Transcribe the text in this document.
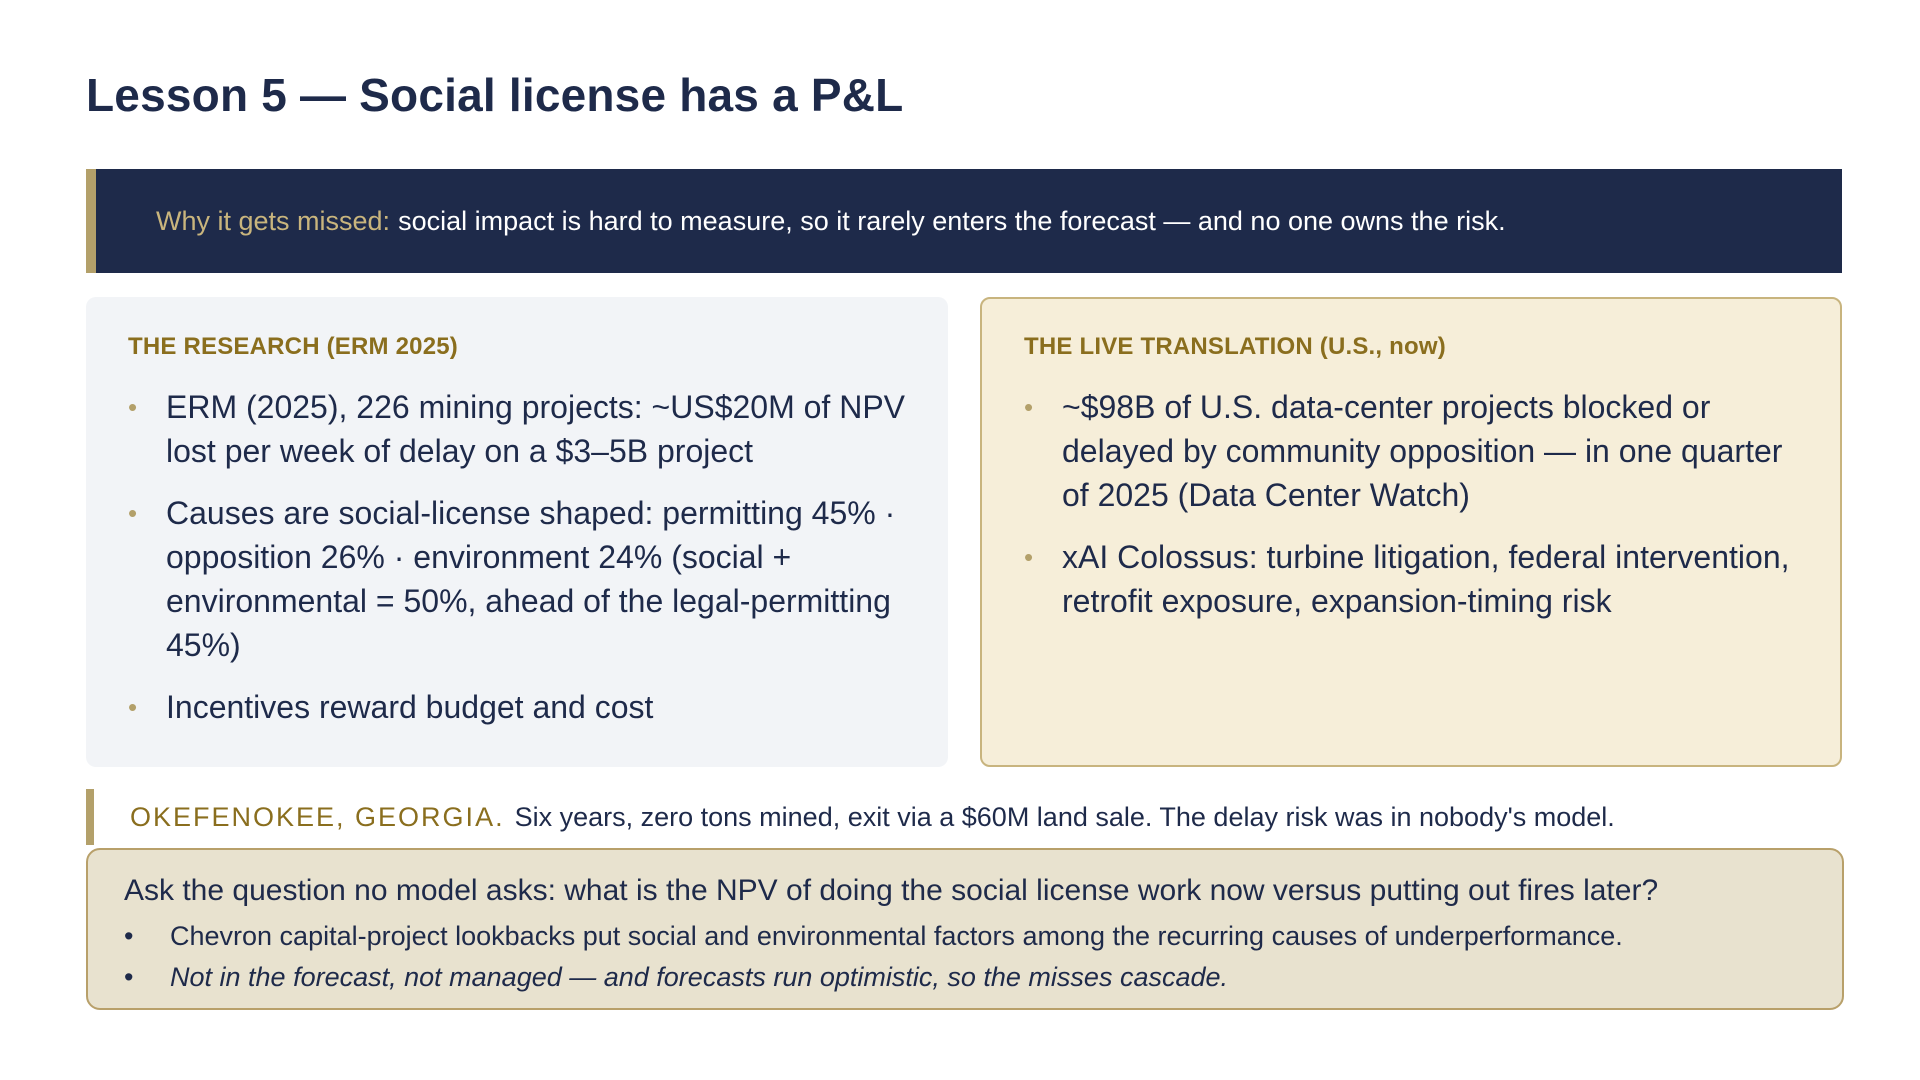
Lesson 5 — Social license has a P&L
Why it gets missed: social impact is hard to measure, so it rarely enters the forecast — and no one owns the risk.
THE RESEARCH (ERM 2025)
• ERM (2025), 226 mining projects: ~US$20M of NPV lost per week of delay on a $3–5B project
• Causes are social-license shaped: permitting 45% · opposition 26% · environment 24% (social + environmental = 50%, ahead of the legal-permitting 45%)
• Incentives reward budget and cost
THE LIVE TRANSLATION (U.S., now)
• ~$98B of U.S. data-center projects blocked or delayed by community opposition — in one quarter of 2025 (Data Center Watch)
• xAI Colossus: turbine litigation, federal intervention, retrofit exposure, expansion-timing risk
OKEFENOKEE, GEORGIA. Six years, zero tons mined, exit via a $60M land sale. The delay risk was in nobody's model.

Ask the question no model asks: what is the NPV of doing the social license work now versus putting out fires later?

• Chevron capital-project lookbacks put social and environmental factors among the recurring causes of underperformance.
• Not in the forecast, not managed — and forecasts run optimistic, so the misses cascade.
